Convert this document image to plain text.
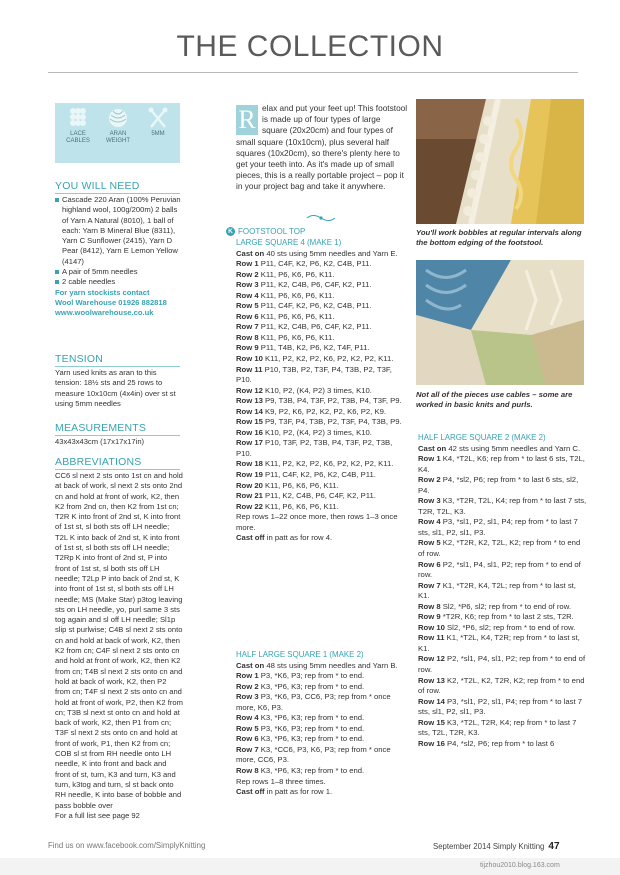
THE COLLECTION
LACE CABLES
ARAN WEIGHT
5MM
YOU WILL NEED

Cascade 220 Aran (100% Peruvian highland wool, 100g/200m) 2 balls of Yarn A Natural (8010), 1 ball of each: Yarn B Mineral Blue (8311), Yarn C Sunflower (2415), Yarn D Pear (8412), Yarn E Lemon Yellow (4147)

A pair of 5mm needles

2 cable needles

For yarn stockists contact

Wool Warehouse 01926 882818

www.woolwarehouse.co.uk

TENSION
Yarn used knits as aran to this tension: 18½ sts and 25 rows to measure 10x10cm (4x4in) over st st using 5mm needles
MEASUREMENTS
43x43x43cm (17x17x17in)
ABBREVIATIONS

CC6 sl next 2 sts onto 1st cn and hold at back of work, sl next 2 sts onto 2nd cn and hold at front of work, K2, then K2 from 2nd cn, then K2 from 1st cn; T2R K into front of 2nd st, K into front of 1st st, sl both sts off LH needle; T2L K into back of 2nd st, K into front of 1st st, sl both sts off LH needle; T2Rp K into front of 2nd st, P into front of 1st st, sl both sts off LH needle; T2Lp P into back of 2nd st, K into front of 1st st, sl both sts off LH needle; MS (Make Star) p3tog leaving sts on LH needle, yo, purl same 3 sts tog again and sl off LH needle; Sl1p slip st purlwise; C4B sl next 2 sts onto cn and hold at back of work, K2, then K2 from cn; C4F sl next 2 sts onto cn and hold at front of work, K2, then K2 from cn; T4B sl next 2 sts onto cn and hold at back of work, K2, then P2 from cn; T4F sl next 2 sts onto cn and hold at front of work, P2, then K2 from cn; T3B sl next st onto cn and hold at back of work, K2, then P1 from cn; T3F sl next 2 sts onto cn and hold at front of work, P1, then K2 from cn; COB sl st from RH needle onto LH needle, K into front and back and front of st, turn, K3 and turn, K3 and turn, k3tog and turn, sl st back onto RH needle, K into base of bobble and pass bobble over

For a full list see page 92

R elax and put your feet up! This footstool is made up of four types of large square (20x20cm) and four types of small square (10x10cm), plus several half squares (10x20cm), so there's plenty here to get your teeth into. As it's made up of small pieces, this is a really portable project – pop it in your project bag and take it anywhere.
K FOOTSTOOL TOP

LARGE SQUARE 4 (MAKE 1)

Cast on 40 sts using 5mm needles and Yarn E.

Row 1 P11, C4F, K2, P6, K2, C4B, P11.

Row 2 K11, P6, K6, P6, K11.

Row 3 P11, K2, C4B, P6, C4F, K2, P11.

Row 4 K11, P6, K6, P6, K11.

Row 5 P11, C4F, K2, P6, K2, C4B, P11.

Row 6 K11, P6, K6, P6, K11.

Row 7 P11, K2, C4B, P6, C4F, K2, P11.

Row 8 K11, P6, K6, P6, K11.

Row 9 P11, T4B, K2, P6, K2, T4F, P11.

Row 10 K11, P2, K2, P2, K6, P2, K2, P2, K11.

Row 11 P10, T3B, P2, T3F, P4, T3B, P2, T3F, P10.

Row 12 K10, P2, (K4, P2) 3 times, K10.

Row 13 P9, T3B, P4, T3F, P2, T3B, P4, T3F, P9.

Row 14 K9, P2, K6, P2, K2, P2, K6, P2, K9.

Row 15 P9, T3F, P4, T3B, P2, T3F, P4, T3B, P9.

Row 16 K10, P2, (K4, P2) 3 times, K10.

Row 17 P10, T3F, P2, T3B, P4, T3F, P2, T3B, P10.

Row 18 K11, P2, K2, P2, K6, P2, K2, P2, K11.

Row 19 P11, C4F, K2, P6, K2, C4B, P11.

Row 20 K11, P6, K6, P6, K11.

Row 21 P11, K2, C4B, P6, C4F, K2, P11.

Row 22 K11, P6, K6, P6, K11.

Rep rows 1–22 once more, then rows 1–3 once more.

Cast off in patt as for row 4.

HALF LARGE SQUARE 1 (MAKE 2)

Cast on 48 sts using 5mm needles and Yarn B.

Row 1 P3, *K6, P3; rep from * to end.

Row 2 K3, *P6, K3; rep from * to end.

Row 3 P3, *K6, P3, CC6, P3; rep from * once more, K6, P3.

Row 4 K3, *P6, K3; rep from * to end.

Row 5 P3, *K6, P3; rep from * to end.

Row 6 K3, *P6, K3; rep from * to end.

Row 7 K3, *CC6, P3, K6, P3; rep from * once more, CC6, P3.

Row 8 K3, *P6, K3; rep from * to end.

Rep rows 1–8 three times.

Cast off in patt as for row 1.

You'll work bobbles at regular intervals along the bottom edging of the footstool.
Not all of the pieces use cables – some are worked in basic knits and purls.

HALF LARGE SQUARE 2 (MAKE 2)

Cast on 42 sts using 5mm needles and Yarn C.

Row 1 K4, *T2L, K6; rep from * to last 6 sts, T2L, K4.

Row 2 P4, *sl2, P6; rep from * to last 6 sts, sl2, P4.

Row 3 K3, *T2R, T2L, K4; rep from * to last 7 sts, T2R, T2L, K3.

Row 4 P3, *sl1, P2, sl1, P4; rep from * to last 7 sts, sl1, P2, sl1, P3.

Row 5 K2, *T2R, K2, T2L, K2; rep from * to end of row.

Row 6 P2, *sl1, P4, sl1, P2; rep from * to end of row.

Row 7 K1, *T2R, K4, T2L; rep from * to last st, K1.

Row 8 Sl2, *P6, sl2; rep from * to end of row.

Row 9 *T2R, K6; rep from * to last 2 sts, T2R.

Row 10 Sl2, *P6, sl2; rep from * to end of row.

Row 11 K1, *T2L, K4, T2R; rep from * to last st, K1.

Row 12 P2, *sl1, P4, sl1, P2; rep from * to end of row.

Row 13 K2, *T2L, K2, T2R, K2; rep from * to end of row.

Row 14 P3, *sl1, P2, sl1, P4; rep from * to last 7 sts, sl1, P2, sl1, P3.

Row 15 K3, *T2L, T2R, K4; rep from * to last 7 sts, T2L, T2R, K3.

Row 16 P4, *sl2, P6; rep from * to last 6

Find us on www.facebook.com/SimplyKnitting	September 2014 Simply Knitting 47
tijzhou2010.blog.163.com
